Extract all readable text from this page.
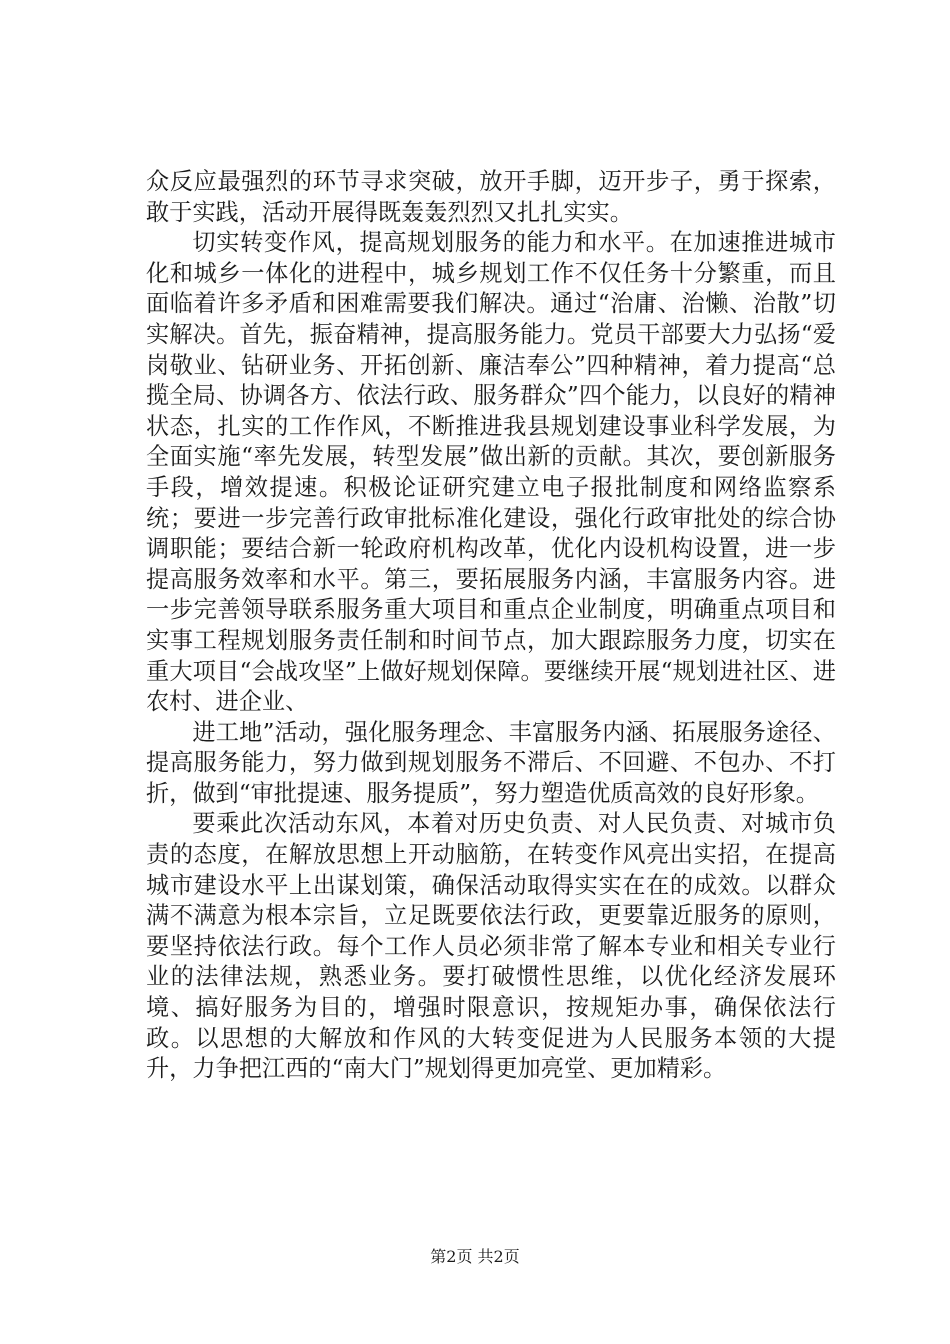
众反应最强烈的环节寻求突破，放开手脚，迈开步子，勇于探索，敢于实践，活动开展得既轰轰烈烈又扎扎实实。

切实转变作风，提高规划服务的能力和水平。在加速推进城市化和城乡一体化的进程中，城乡规划工作不仅任务十分繁重，而且面临着许多矛盾和困难需要我们解决。通过“治庸、治懒、治散”切实解决。首先，振奋精神，提高服务能力。党员干部要大力弘扬“爱岗敬业、钻研业务、开拓创新、廉洁奉公”四种精神，着力提高“总揽全局、协调各方、依法行政、服务群众”四个能力，以良好的精神状态，扎实的工作作风，不断推进我县规划建设事业科学发展，为全面实施“率先发展，转型发展”做出新的贡献。其次，要创新服务手段，增效提速。积极论证研究建立电子报批制度和网络监察系统；要进一步完善行政审批标准化建设，强化行政审批处的综合协调职能；要结合新一轮政府机构改革，优化内设机构设置，进一步提高服务效率和水平。第三，要拓展服务内涵，丰富服务内容。进一步完善领导联系服务重大项目和重点企业制度，明确重点项目和实事工程规划服务责任制和时间节点，加大跟踪服务力度，切实在重大项目“会战攻坚”上做好规划保障。要继续开展“规划进社区、进农村、进企业、

进工地”活动，强化服务理念、丰富服务内涵、拓展服务途径、提高服务能力，努力做到规划服务不滞后、不回避、不包办、不打折，做到“审批提速、服务提质”，努力塑造优质高效的良好形象。

要乘此次活动东风，本着对历史负责、对人民负责、对城市负责的态度，在解放思想上开动脑筋，在转变作风亮出实招，在提高城市建设水平上出谋划策，确保活动取得实实在在的成效。以群众满不满意为根本宗旨，立足既要依法行政，更要靠近服务的原则，要坚持依法行政。每个工作人员必须非常了解本专业和相关专业行业的法律法规，熟悉业务。要打破惯性思维，以优化经济发展环境、搞好服务为目的，增强时限意识，按规矩办事，确保依法行政。以思想的大解放和作风的大转变促进为人民服务本领的大提升，力争把江西的“南大门”规划得更加亮堂、更加精彩。

第2页 共2页
